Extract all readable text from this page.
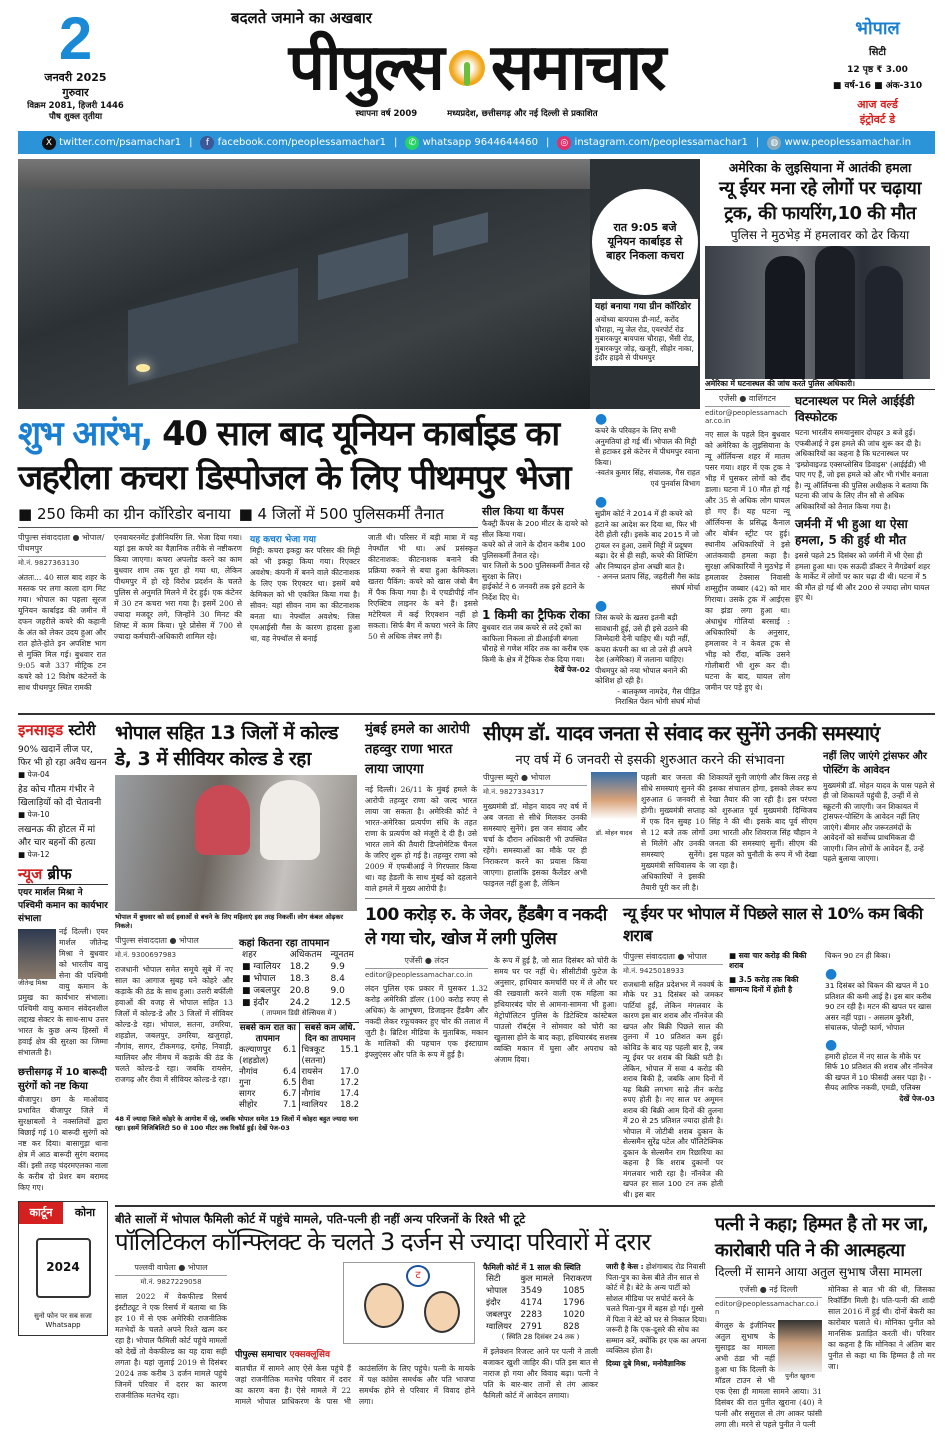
2
जनवरी 2025
गुरुवार
विक्रम 2081, हिजरी 1446
पौष शुक्ल तृतीया
बदलते जमाने का अखबार
पीपुल्स समाचार
स्थापना वर्ष 2009	मध्यप्रदेश, छत्तीसगढ़ और नई दिल्ली से प्रकाशित
भोपाल
सिटी
12 पृष्ठ ₹ 3.00
■ वर्ष-16 ■ अंक-310
आज वर्ल्ड
इंट्रोवर्ट डे
X twitter.com/psamachar1 |	f facebook.com/peoplessamachar1 |	✆ whatsapp 9644644460 |	◎ instagram.com/peoplessamachar1 |	◍ www.peoplessamachar.in
रात 9:05 बजे यूनियन कार्बाइड से बाहर निकला कचरा
यहां बनाया गया ग्रीन कॉरिडोर
अयोध्या बायपास डी-मार्ट, करोंद चौराहा, न्यू जेल रोड, एयरपोर्ट रोड मुबारकपुर बायपास चौराहा, भैंसी रोड, मुबारकपुर जोड़, खजूरी, सीहोर नाका, इंदौर हाइवे से पीथमपुर
शुभ आरंभ, 40 साल बाद यूनियन कार्बाइड का
जहरीला कचरा डिस्पोजल के लिए पीथमपुर भेजा
■ 250 किमी का ग्रीन कॉरिडोर बनाया ■ 4 जिलों में 500 पुलिसकर्मी तैनात
पीपुल्स संवाददाता ● भोपाल/पीथमपुर
मो.नं. 9827363130
अंततः... 40 साल बाद शहर के मस्तक पर लगा काला दाग मिट गया। भोपाल का पहला सूरज यूनियन कार्बाइड की जमीन में दफन जहरीले कचरे की कहानी के अंत को लेकर उदय हुआ और रात होते-होते इन अपशिष्ट भाग से मुक्ति मिल गई। बुधवार रात 9:05 बजे 337 मीट्रिक टन कचरे को 12 विशेष कंटेनरों के साथ पीथमपुर स्थित रामकी
एनवायरनमेंट इंजीनियरिंग लि. भेजा दिया गया। यहां इस कचरे का वैज्ञानिक तरीके से नष्टीकरण किया जाएगा। कचरा अपलोड करने का काम बुधवार शाम तक पूरा हो गया था, लेकिन पीथमपुर में हो रहे विरोध प्रदर्शन के चलते पुलिस से अनुमति मिलने में देर हुई। एक कंटेनर में 30 टन कचरा भरा गया है। इसमें 200 से ज्यादा मजदूर लगे, जिन्होंने 30 मिनट की शिफ्ट में काम किया। पूरे प्रोसेस में 700 से ज्यादा कर्मचारी-अधिकारी शामिल रहे।
यह कचरा भेजा गया
मिट्टी: कचरा इकट्ठा कर परिसर की मिट्टी को भी इकट्ठा किया गया। रिएक्टर अवशेष: कंपनी में बनने वाले कीटनाशक के लिए एक रिएक्टर था। इसमें बचे केमिकल को भी एकत्रित किया गया है। सीवन: यहां सीवन नाम का कीटनाशक बनता था। नेफ्थॉल अवशेष: जिस एमआईसी गैस के कारण हादसा हुआ था, वह नेफ्थॉल से बनाई
जाती थी। परिसर में बड़ी मात्रा में यह नेफ्थॉल भी था। अर्ध प्रसंस्कृत कीटनाशक: कीटनाशक बनाने की प्रक्रिया रुकने से बचा हुआ केमिकल। खतरा पैकिंग: कचरे को खास जंबो बैग में पैक किया गया है। ये एचडीपीई नॉन रिएक्टिव लाइनर के बने हैं। इससे मटेरियल में कई रिएक्शन नहीं हो सकता। सिर्फ बैग में कचरा भरने के लिए 50 से अधिक लेबर लगे हैं।
सील किया था कैंपस
फैक्ट्री कैंपस के 200 मीटर के दायरे को सील किया गया।
कचरे को ले जाने के दौरान करीब 100 पुलिसकर्मी तैनात रहे।
चार जिलों के 500 पुलिसकर्मी तैनात रहे सुरक्षा के लिए।
हाईकोर्ट ने 6 जनवरी तक इसे हटाने के निर्देश दिए थे।
1 किमी का ट्रैफिक रोका
बुधवार रात जब कचरे से लदे ट्रकों का काफिला निकला तो डीआईजी बंगला चौराहे से गणेश मंदिर तक का करीब एक किमी के क्षेत्र में ट्रैफिक रोक दिया गया।
देखें पेज-02
●
कचरे के परिवहन के लिए सभी अनुमतियां हो गई थीं। भोपाल की मिट्टी से हटाकर इसे कंटेनर में पीथमपुर रवाना किया।
-स्वतंत्र कुमार सिंह, संचालक, गैस राहत एवं पुनर्वास विभाग
●
सुप्रीम कोर्ट ने 2014 में ही कचरे को हटाने का आदेश कर दिया था, फिर भी देरी होती रही। इसके बाद 2015 में जो ट्रायल रन हुआ, उसमें मिट्टी में प्रदूषण बढ़ा। देर से ही सही, कचरे की शिफ्टिंग और निष्पादन होना अच्छी बात है।
- अनन्त प्रताप सिंह, जहरीली गैस कांड संघर्ष मोर्चा
●
जिस कचरे के खतरा इतनी बड़ी सावधानी हुई, उसे ही इसे उठाने की जिम्मेदारी देनी चाहिए थी। यही नहीं, कचरा कंपनी का था तो उसे ही अपने देश (अमेरिका) में जलाना चाहिए। पीथमपुर को नया भोपाल बनाने की कोशिश हो रही है।
- बालकृष्ण नामदेव, गैस पीड़ित निराश्रित पेंशन भोगी संघर्ष मोर्चा
अमेरिका के लुइसियाना में आतंकी हमला
न्यू ईयर मना रहे लोगों पर चढ़ाया ट्रक, की फायरिंग,10 की मौत
पुलिस ने मुठभेड़ में हमलावर को ढेर किया
अमेरिका में घटनास्थल की जांच करते पुलिस अधिकारी।
एजेंसी ● वाशिंगटन
editor@peoplessamachar.co.in
नए साल के पहले दिन बुधवार को अमेरिका के लुइसियाना के न्यू ऑर्लियन्स शहर में मातम पसर गया। शहर में एक ट्रक ने भीड़ में घुसकर लोगों को रौंद डाला। घटना में 10 मौत हो गई और 35 से अधिक लोग घायल हो गए हैं। यह घटना न्यू ऑर्लियन्स के प्रसिद्ध कैनाल और बोर्बन स्ट्रीट पर हुई। स्थानीय अधिकारियों ने इसे आतंकवादी हमला कहा है। सुरक्षा अधिकारियों ने मुठभेड़ में हमलावर टेक्सास निवासी शम्सुद्दीन जब्बार (42) को मार गिराया। उसके ट्रक में आईएस का झंडा लगा हुआ था। अंधाधुंध गोलियां बरसाई : अधिकारियों के अनुसार, हमलावर ने न केवल ट्रक से भीड़ को रौंदा, बल्कि उसने गोलीबारी भी शुरू कर दी। घटना के बाद, घायल लोग जमीन पर पड़े हुए थे।
घटनास्थल पर मिले आईईडी विस्फोटक
घटना भारतीय समयानुसार दोपहर 3 बजे हुई। एफबीआई ने इस हमले की जांच शुरू कर दी है। अधिकारियों का कहना है कि घटनास्थल पर 'इम्प्रोवाइज्ड एक्सप्लोसिव डिवाइस' (आईईडी) भी पाए गए हैं, जो इस हमले को और भी गंभीर बनाता है। न्यू ऑर्लियन्स की पुलिस अधीक्षक ने बताया कि घटना की जांच के लिए तीन सौ से अधिक अधिकारियों को तैनात किया गया है।
जर्मनी में भी हुआ था ऐसा हमला, 5 की हुई थी मौत
इससे पहले 25 दिसंबर को जर्मनी में भी ऐसा ही हमला हुआ था। एक सऊदी डॉक्टर ने मैगडेबर्ग शहर के मार्केट में लोगों पर कार चढ़ा दी थी। घटना में 5 की मौत हो गई थी और 200 से ज्यादा लोग घायल हुए थे।
इनसाइड स्टोरी
90% खदानें लीज पर, फिर भी हो रहा अवैध खनन
■ पेज-04
हेड कोच गौतम गंभीर ने खिलाड़ियों को दी चेतावनी
■ पेज-10
लखनऊ की होटल में मां और चार बहनों की हत्या
■ पेज-12
न्यूज ब्रीफ
एयर मार्शल मिश्रा ने पश्चिमी कमान का कार्यभार संभाला
जीतेन्द्र मिश्रा
नई दिल्ली। एयर मार्शल जीतेन्द्र मिश्रा ने बुधवार को भारतीय वायु सेना की पश्चिमी वायु कमान के प्रमुख का कार्यभार संभाला। पश्चिमी वायु कमान संवेदनशील लद्दाख सेक्टर के साथ-साथ उत्तर भारत के कुछ अन्य हिस्सों में हवाई क्षेत्र की सुरक्षा का जिम्मा संभालती है।
छत्तीसगढ़ में 10 बारूदी सुरंगों को नष्ट किया
बीजापुर। छग के माओवाद प्रभावित बीजापुर जिले में सुरक्षाबलों ने नक्सलियों द्वारा बिछाई गई 10 बारूदी सुरंगों को नष्ट कर दिया। बासागुड़ा थाना क्षेत्र में आठ बारूदी सुरंग बरामद कीं। इसी तरह चंदरमएलका नाला के करीब दो प्रेशर बम बरामद किए गए।
कार्टून	कोना
2024
सुनो फोन पर सब सजा Whatsapp
भोपाल सहित 13 जिलों में कोल्ड डे, 3 में सीवियर कोल्ड डे रहा
भोपाल में बुधवार को सर्द हवाओं से बचने के लिए महिलाएं इस तरह निकलीं। लोग कंबल ओढ़कर निकले।
पीपुल्स संवाददाता ● भोपाल
मो.नं. 9300697983
राजधानी भोपाल समेत समूचे सूबे में नए साल का आगाज सुबह घने कोहरे और कड़ाके की ठंड के साथ हुआ। उत्तरी बर्फीली हवाओं की वजह से भोपाल सहित 13 जिलों में कोल्ड-डे और 3 जिलों में सीवियर कोल्ड-डे रहा। भोपाल, सतना, उमरिया, शहडोल, जबलपुर, उमरिया, खजुराहो, नौगांव, सागर, टीकमगढ़, दमोह, निवाड़ी, ग्वालियर और नीमच में कड़ाके की ठंड के चलते कोल्ड-डे रहा। जबकि रायसेन, राजगढ़ और रीवा में सीवियर कोल्ड-डे रहा।
कहां कितना रहा तापमान
शहर	अधिकतम	न्यूनतम
■ ग्वालियर	18.2	9.9
■ भोपाल	18.3	8.4
■ जबलपुर	20.8	9.0
■ इंदौर	24.2	12.5
( तापमान डिग्री सेल्सियस में )
सबसे कम रात का तापमान
कल्याणपुर (शहडोल)
6.1
नौगांव	6.4
गुना	6.5
सागर	6.7
सीहोर	7.1
सबसे कम अधि. दिन का तापमान
चित्रकूट (सतना)
15.1
रायसेन 17.0
रीवा	17.2
नौगांव 17.4
ग्वालियर 18.2
48 में ज्यादा जिले कोहरे के आगोश में रहे, जबकि भोपाल समेत 19 जिलों में कोहरा बहुत ज्यादा घना रहा। इसमें विजिबिलिटी 50 से 100 मीटर तक रिकॉर्ड हुई। देखें पेज-03
मुंबई हमले का आरोपी तहव्वुर राणा भारत लाया जाएगा
नई दिल्ली। 26/11 के मुंबई हमले के आरोपी तहव्वुर राणा को जल्द भारत लाया जा सकता है। अमेरिकी कोर्ट ने भारत-अमेरिका प्रत्यर्पण संधि के तहत राणा के प्रत्यर्पण को मंजूरी दे दी है। उसे भारत लाने की तैयारी डिप्लोमेटिक चैनल के जरिए शुरू हो गई है। तहव्वुर राणा को 2009 में एफबीआई ने गिरफ्तार किया था। वह हेडली के साथ मुंबई को दहलाने वाले हमले में मुख्य आरोपी है।
सीएम डॉ. यादव जनता से संवाद कर सुनेंगे उनकी समस्याएं
नए वर्ष में 6 जनवरी से इसकी शुरुआत करने की संभावना
पीपुल्स ब्यूरो ● भोपाल
मो.नं. 9827334317
मुख्यमंत्री डॉ. मोहन यादव नए वर्ष में अब जनता से सीधे मिलकर उनकी समस्याएं सुनेंगे। इस जन संवाद और चर्चा के दौरान अधिकारी भी उपस्थित रहेंगे। समस्याओं का मौके पर ही निराकरण करने का प्रयास किया जाएगा। हालांकि इसका कैलेंडर अभी फाइनल नहीं हुआ है, लेकिन
डॉ. मोहन यादव
पहली बार जनता की सीधे समस्याएं सुनने की शुरुआत 6 जनवरी से होगी। मुख्यमंत्री सप्ताह में एक दिन सुबह 10 से 12 बजे तक लोगों से मिलेंगे और उनकी समस्याएं सुनेंगे। मुख्यमंत्री सचिवालय के अधिकारियों ने इसकी तैयारी पूरी कर ली है।
शिकायतें सुनी जाएंगी और किस तरह से इसका संचालन होगा, इसको लेकर रूप रेखा तैयार की जा रही है। इस परंपरा को शुरुआत पूर्व मुख्यमंत्री दिग्विजय सिंह ने की थी। इसके बाद पूर्व सीएम उमा भारती और शिवराज सिंह चौहान ने जनता की समस्याएं सुनीं। सीएम की इस पहल को चुनौती के रूप में भी देखा जा रहा है।
नहीं लिए जाएंगे ट्रांसफर और पोस्टिंग के आवेदन
मुख्यमंत्री डॉ. मोहन यादव के पास पहले से ही जो शिकायतें पहुंची हैं, उन्हीं में से स्क्रूटनी की जाएगी। जन शिकायत में ट्रांसफर-पोस्टिंग के आवेदन नहीं लिए जाएंगे। बीमार और जरूरतमंदों के आवेदनों को सर्वोच्च प्राथमिकता दी जाएगी। जिन लोगों के आवेदन हैं, उन्हें पहले बुलाया जाएगा।
100 करोड़ रु. के जेवर, हैंडबैग व नकदी ले गया चोर, खोज में लगी पुलिस
एजेंसी ● लंदन
editor@peoplessamachar.co.in
लंदन पुलिस एक प्रकार में घुसकर 1.32 करोड़ अमेरिकी डॉलर (100 करोड़ रुपए से अधिक) के आभूषण, डिजाइनर हैंडबैग और नकदी लेकर रफूचक्कर हुए चोर की तलाश में जुटी है। ब्रिटिश मीडिया के मुताबिक, मकान के मालिकों की पहचान एक इंस्टाग्राम इंफ्लुएंसर और पति के रूप में हुई है।
के रूप में हुई है, जो सात दिसंबर को चोरी के समय घर पर नहीं थे। सीसीटीवी फुटेज के अनुसार, हाथियार कमर्चारी घर में ले और घर की रखवाली करने वाली एक महिला का हथियारबंद चोर से आमना-सामना भी हुआ। मेट्रोपॉलिटन पुलिस के डिटेक्टिव कांस्टेबल पाउलो रॉबर्ट्स ने सोमवार को चोरी का खुलासा होने के बाद कहा, हथियारबंद सशस्त्र व्यक्ति मकान में घुसा और अपराध को अंजाम दिया।
न्यू ईयर पर भोपाल में पिछले साल से 10% कम बिकी शराब
पीपुल्स संवाददाता ● भोपाल
मो.नं. 9425018933
राजधानी सहित प्रदेशभर में नववर्ष के मौके पर 31 दिसंबर को जमकर पार्टियां हुईं, लेकिन मंगलवार के कारण इस बार शराब और नॉनवेज की खपत और बिक्री पिछले साल की तुलना में 10 प्रतिशत कम हुई। कोविड के बाद यह पहली बार है, जब न्यू ईयर पर शराब की बिक्री घटी है। लेकिन, भोपाल में सवा 4 करोड़ की शराब बिकी है, जबकि आम दिनों में यह बिक्री लगभग साढ़े तीन करोड़ रुपए होती है। नए साल पर अमूमन शराब की बिक्री आम दिनों की तुलना में 20 से 25 प्रतिशत ज्यादा होती है। भोपाल में जोटीबी शराब दुकान के सेल्समैन सुरेंद्र पटेल और पॉलिटेक्निक दुकान के सेल्समैन राम रिछारिया का कहना है कि शराब दुकानों पर मंगलवार भारी रहा है। नॉनवेज की खपत हर साल 100 टन तक होती थी। इस बार
■ सवा चार करोड़ की बिकी शराब
■ 3.5 करोड़ तक बिकी सामान्य दिनों में होती है
चिकन 90 टन ही बिका।
●
31 दिसंबर को चिकन की खपत में 10 प्रतिशत की कमी आई है। इस बार करीब 90 टन रही है। मटन की खपत पर खास असर नहीं पड़ा। - असलम कुरैशी, संचालक, पोल्ट्री फार्म, भोपाल
●
हमारी होटल में नए साल के मौके पर सिर्फ 10 प्रतिशत की शराब और नॉनवेज की खपत में 10 फीसदी असर पड़ा है। - सैयद आरिफ नकवी, एमडी, एलिक्स
देखें पेज-03
बीते सालों में भोपाल फैमिली कोर्ट में पहुंचे मामले, पति-पत्नी ही नहीं अन्य परिजनों के रिश्ते भी टूटे
पॉलिटिकल कॉन्फ्लिक्ट के चलते 3 दर्जन से ज्यादा परिवारों में दरार
पल्लवी वाघेला ● भोपाल
मो.नं. 9827229058
साल 2022 में वेकफील्ड रिसर्च इंस्टीट्यूट ने एक रिसर्च में बताया था कि हर 10 में से एक अमेरिकी राजनीतिक मतभेदों के चलते अपने रिश्ते खत्म कर रहा है। भोपाल फैमिली कोर्ट पहुंचे मामलों को देखें तो वेकफील्ड का यह दावा सही लगता है। यहां जुलाई 2019 से दिसंबर 2024 तक करीब 3 दर्जन मामले पहुंचे जिनमें परिवार में दरार का कारण राजनीतिक मतभेद रहा।
ट
पीपुल्स समाचार एक्सक्लूसिव
बातचीत में सामने आए ऐसे केस पहुंचे हैं जहां राजनीतिक मतभेद परिवार में दरार का कारण बना है। ऐसे मामले में 22 मामले भोपाल प्राधिकरण के पास भी काउंसलिंग के लिए पहुंचे। पत्नी के मायके में पक्ष कांग्रेस समर्थक और पति भाजपा समर्थक होने से परिवार में विवाद होने लगा।
फैमिली कोर्ट में 1 साल की स्थिति
सिटी	कुल मामले	निराकरण
भोपाल	3549	1085
इंदौर	4174	1796
जबलपुर	2283	1020
ग्वालियर	2791	828
( स्थिति 28 दिसंबर 24 तक )
में इलेक्शन रिजल्ट आने पर पत्नी ने ताली बजाकर खुशी जाहिर की। पति इस बात से नाराज हो गया और विवाद बढ़ा। पत्नी ने पति के बार-बार तानों से तंग आकर फैमिली कोर्ट में आवेदन लगाया।
जारी है केस : होशंगाबाद रोड निवासी पिता-पुत्र का केस बीते तीन साल से कोर्ट में है। बेटे के अन्य पार्टी को सोशल मीडिया पर सपोर्ट करने के चलते पिता-पुत्र में बहस हो गई। गुस्से में पिता ने बेटे को घर से निकाल दिया। जरूरी है कि एक-दूसरे की सोच का सम्मान करें, क्योंकि हर एक का अपना व्यक्तित्व होता है।
दिव्या दुबे मिश्रा, मनोवैज्ञानिक
पत्नी ने कहा; हिम्मत है तो मर जा, कारोबारी पति ने की आत्महत्या
दिल्ली में सामने आया अतुल सुभाष जैसा मामला
एजेंसी ● नई दिल्ली
editor@peoplessamachar.co.in
पुनीत खुराना
बेंगलुरु के इंजीनियर अतुल सुभाष के सुसाइड का मामला अभी ठंडा भी नहीं हुआ था कि दिल्ली के मॉडल टाउन से भी एक ऐसा ही मामला सामने आया। 31 दिसंबर की रात पुनीत खुराना (40) ने पत्नी और ससुराल से तंग आकर फांसी लगा ली। मरने से पहले पुनीत ने पत्नी
मोनिका से बात भी की थी, जिसका रिकॉर्डिंग मिली है। पति-पत्नी की शादी साल 2016 में हुई थी। दोनों बेकरी का कारोबार चलाते थे। मोनिका पुनीत को मानसिक प्रताड़ित करती थी। परिवार का कहना है कि मोनिका ने अंतिम बार पुनीत से कहा था कि हिम्मत है तो मर जा।
